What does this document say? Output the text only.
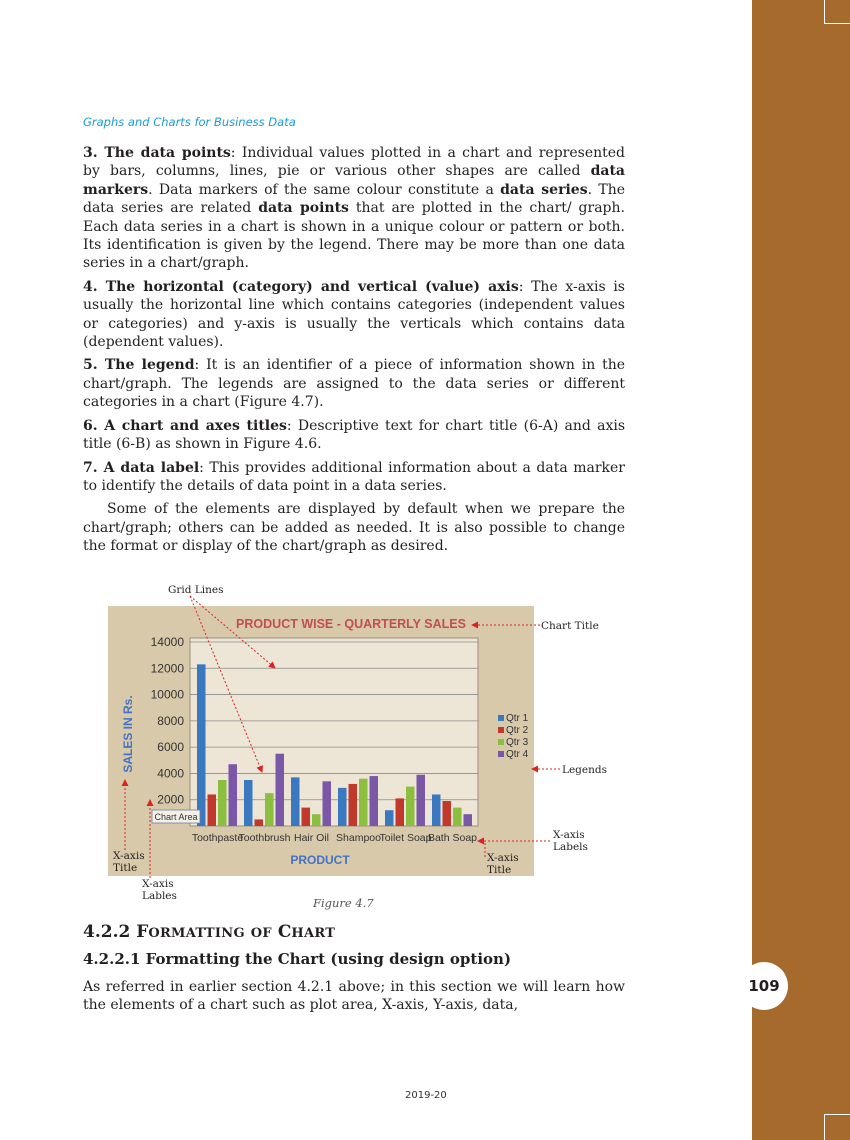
109
Graphs and Charts for Business Data
3. The data points: Individual values plotted in a chart and represented by bars, columns, lines, pie or various other shapes are called data markers. Data markers of the same colour constitute a data series. The data series are related data points that are plotted in the chart/ graph. Each data series in a chart is shown in a unique colour or pattern or both. Its identification is given by the legend. There may be more than one data series in a chart/graph.
4. The horizontal (category) and vertical (value) axis: The x-axis is usually the horizontal line which contains categories (independent values or categories) and y-axis is usually the verticals which contains data (dependent values).
5. The legend: It is an identifier of a piece of information shown in the chart/graph. The legends are assigned to the data series or different categories in a chart (Figure 4.7).
6. A chart and axes titles: Descriptive text for chart title (6-A) and axis title (6-B) as shown in Figure 4.6.
7. A data label: This provides additional information about a data marker to identify the details of data point in a data series.
Some of the elements are displayed by default when we prepare the chart/graph; others can be added as needed. It is also possible to change the format or display of the chart/graph as desired.
14000
12000
10000
8000
6000
4000
2000
Toothpaste
Toothbrush Hair Oil Shampoo
Toilet Soap
Bath Soap
PRODUCT WISE - QUARTERLY SALES
PRODUCT
SALES IN Rs.	Qtr 1
Qtr 2
Qtr 3
Qtr 4
Chart Area
Grid Lines
Chart Title
Legends
X-axis Labels
X-axis Title
X-axis Title
X-axis Lables	Figure 4.7
4.2.2 FORMATTING OF CHART
4.2.2.1 Formatting the Chart (using design option)
As referred in earlier section 4.2.1 above; in this section we will learn how the elements of a chart such as plot area, X-axis, Y-axis, data,
2019-20
